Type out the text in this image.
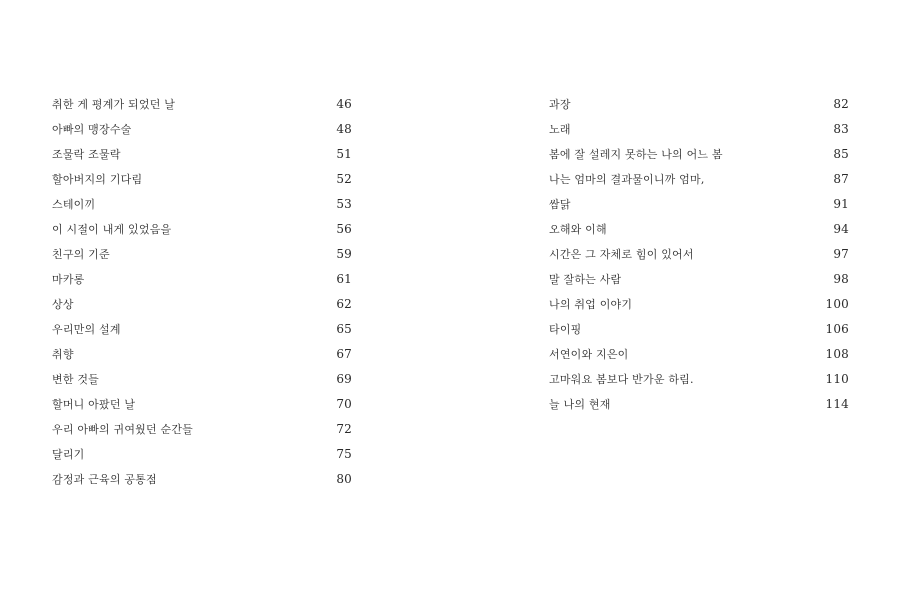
취한 게 평계가 되었던 날	46
아빠의 맹장수술	48
조물락 조물락	51
할아버지의 기다림	52
스테이끼	53
이 시절이 내게 있었음을	56
친구의 기준	59
마카롱	61
상상	62
우리만의 설계	65
취향	67
변한 것들	69
할머니 아팠던 날	70
우리 아빠의 귀여웠던 순간들	72
달리기	75
감정과 근육의 공통점	80
과장	82
노래	83
봄에 잘 설레지 못하는 나의 어느 봄	85
나는 엄마의 결과물이니까 엄마,	87
쌈닭	91
오해와 이해	94
시간은 그 자체로 힘이 있어서	97
말 잘하는 사람	98
나의 취업 이야기	100
타이핑	106
서연이와 지은이	108
고마워요 봄보다 반가운 하림.	110
늘 나의 현재	114
